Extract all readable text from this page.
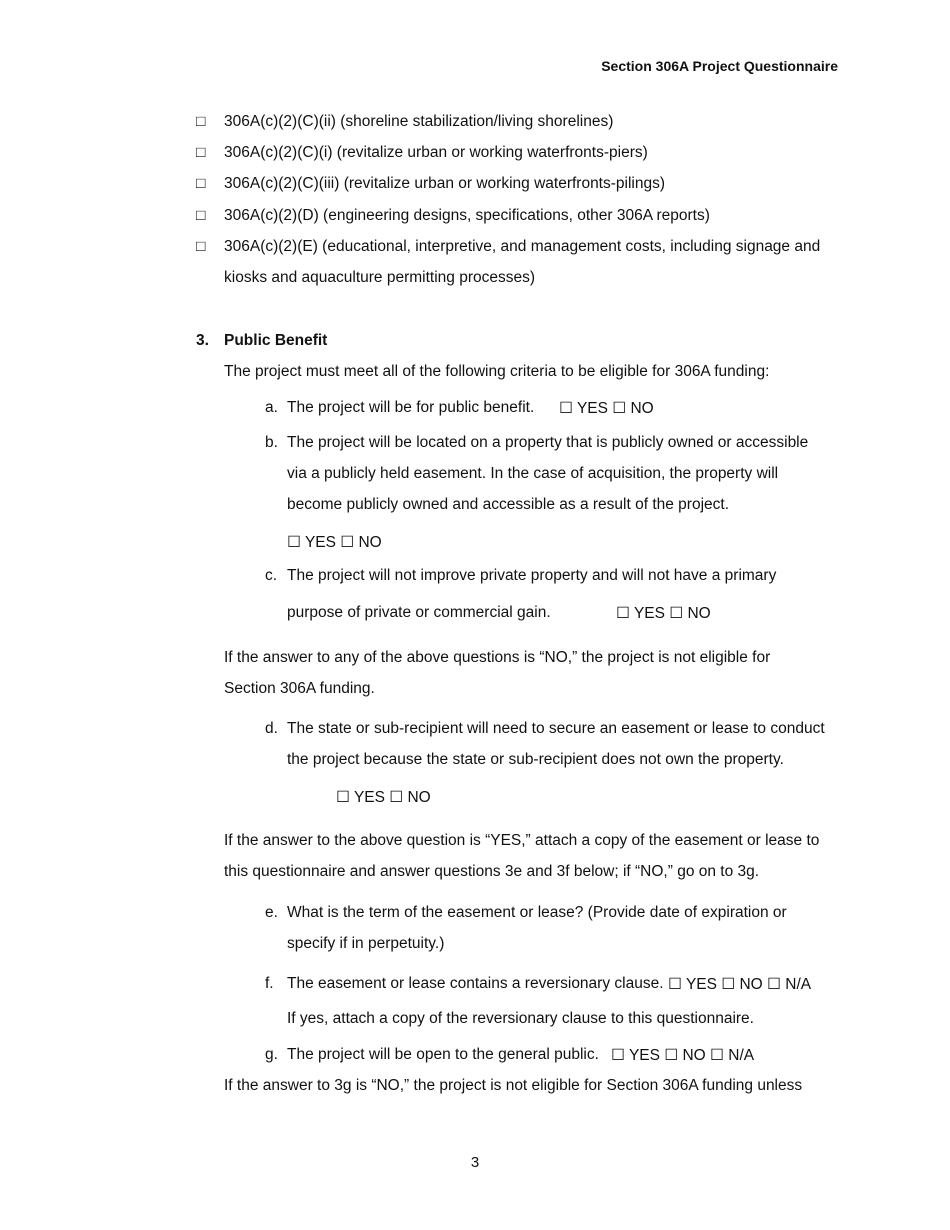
Section 306A Project Questionnaire
□ 306A(c)(2)(C)(ii) (shoreline stabilization/living shorelines)
□ 306A(c)(2)(C)(i) (revitalize urban or working waterfronts-piers)
□ 306A(c)(2)(C)(iii) (revitalize urban or working waterfronts-pilings)
□ 306A(c)(2)(D) (engineering designs, specifications, other 306A reports)
□ 306A(c)(2)(E) (educational, interpretive, and management costs, including signage and
kiosks and aquaculture permitting processes)
3. Public Benefit
The project must meet all of the following criteria to be eligible for 306A funding:
a. The project will be for public benefit. ☐ YES ☐ NO
b. The project will be located on a property that is publicly owned or accessible
via a publicly held easement. In the case of acquisition, the property will
become publicly owned and accessible as a result of the project.
☐ YES ☐ NO
c. The project will not improve private property and will not have a primary
purpose of private or commercial gain.	☐ YES ☐ NO
If the answer to any of the above questions is “NO,” the project is not eligible for
Section 306A funding.
d. The state or sub-recipient will need to secure an easement or lease to conduct
the project because the state or sub-recipient does not own the property.
☐ YES ☐ NO
If the answer to the above question is “YES,” attach a copy of the easement or lease to
this questionnaire and answer questions 3e and 3f below; if “NO,” go on to 3g.
e. What is the term of the easement or lease? (Provide date of expiration or
specify if in perpetuity.)
f. The easement or lease contains a reversionary clause. ☐ YES ☐ NO ☐ N/A
If yes, attach a copy of the reversionary clause to this questionnaire.
g. The project will be open to the general public. ☐ YES ☐ NO ☐ N/A
If the answer to 3g is “NO,” the project is not eligible for Section 306A funding unless
3
